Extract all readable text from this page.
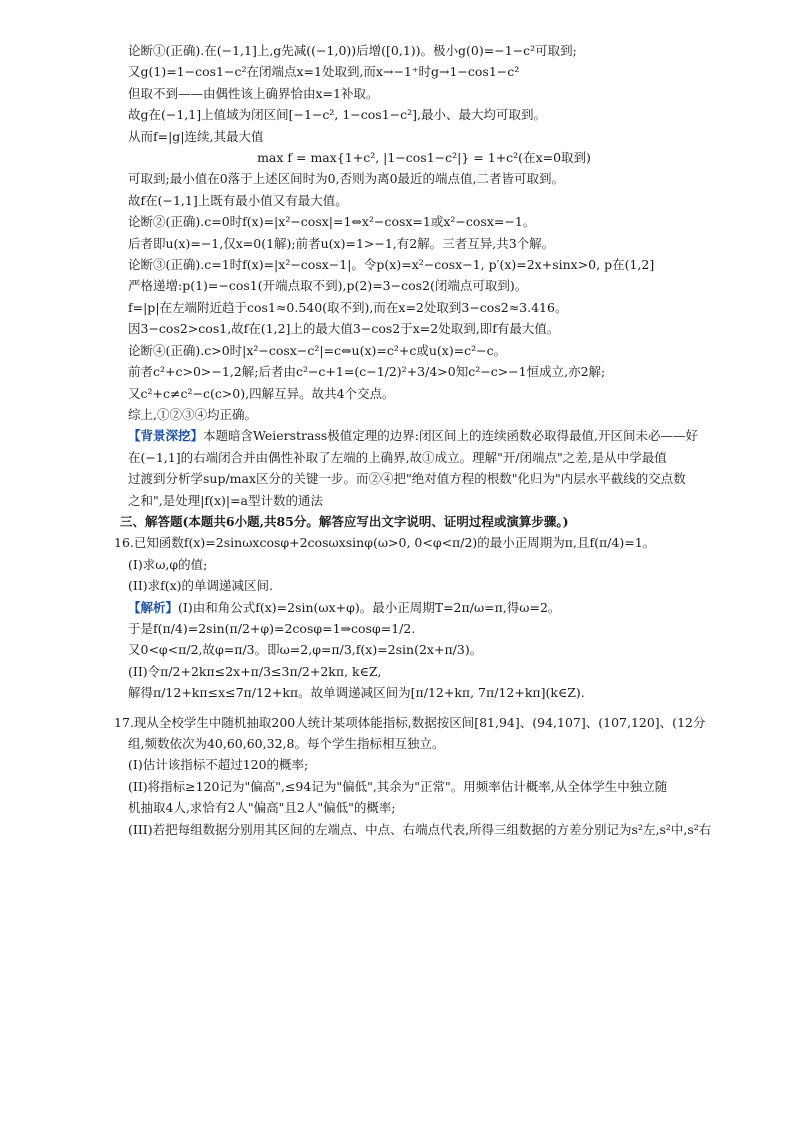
论断①(正确).在(−1,1]上,g先减((−1,0))后增([0,1))。极小g(0)=−1−c²可取到;
又g(1)=1−cos1−c²在闭端点x=1处取到,而x→−1⁺时g→1−cos1−c²
但取不到——由偶性该上确界恰由x=1补取。
故g在(−1,1]上值域为闭区间[−1−c², 1−cos1−c²],最小、最大均可取到。
从而f=|g|连续,其最大值
max f = max{1+c², |1−cos1−c²|} = 1+c²(在x=0取到)
可取到;最小值在0落于上述区间时为0,否则为离0最近的端点值,二者皆可取到。
故f在(−1,1]上既有最小值又有最大值。
论断②(正确).c=0时f(x)=|x²−cosx|=1⇔x²−cosx=1或x²−cosx=−1。
后者即u(x)=−1,仅x=0(1解);前者u(x)=1>−1,有2解。三者互异,共3个解。
论断③(正确).c=1时f(x)=|x²−cosx−1|。令p(x)=x²−cosx−1, p′(x)=2x+sinx>0, p在(1,2]
严格递增:p(1)=−cos1(开端点取不到),p(2)=3−cos2(闭端点可取到)。
f=|p|在左端附近趋于cos1≈0.540(取不到),而在x=2处取到3−cos2≈3.416。
因3−cos2>cos1,故f在(1,2]上的最大值3−cos2于x=2处取到,即f有最大值。
论断④(正确).c>0时|x²−cosx−c²|=c⇔u(x)=c²+c或u(x)=c²−c。
前者c²+c>0>−1,2解;后者由c²−c+1=(c−1/2)²+3/4>0知c²−c>−1恒成立,亦2解;
又c²+c≠c²−c(c>0),四解互异。故共4个交点。
综上,①②③④均正确。
【背景深挖】本题暗含Weierstrass极值定理的边界:闭区间上的连续函数必取得最值,开区间未必——好
在(−1,1]的右端闭合并由偶性补取了左端的上确界,故①成立。理解"开/闭端点"之差,是从中学最值
过渡到分析学sup/max区分的关键一步。而②④把"绝对值方程的根数"化归为"内层水平截线的交点数
之和",是处理|f(x)|=a型计数的通法
三、解答题(本题共6小题,共85分。解答应写出文字说明、证明过程或演算步骤。)
16.已知函数f(x)=2sinωxcosφ+2cosωxsinφ(ω>0, 0<φ<π/2)的最小正周期为π,且f(π/4)=1。
(I)求ω,φ的值;
(II)求f(x)的单调递减区间.
【解析】(I)由和角公式f(x)=2sin(ωx+φ)。最小正周期T=2π/ω=π,得ω=2。
于是f(π/4)=2sin(π/2+φ)=2cosφ=1⇒cosφ=1/2.
又0<φ<π/2,故φ=π/3。即ω=2,φ=π/3,f(x)=2sin(2x+π/3)。
(II)令π/2+2kπ≤2x+π/3≤3π/2+2kπ, k∈Z,
解得π/12+kπ≤x≤7π/12+kπ。故单调递减区间为[π/12+kπ, 7π/12+kπ](k∈Z).
17.现从全校学生中随机抽取200人统计某项体能指标,数据按区间[81,94]、(94,107]、(107,120]、(12分
组,频数依次为40,60,60,32,8。每个学生指标相互独立。
(I)估计该指标不超过120的概率;
(II)将指标≥120记为"偏高",≤94记为"偏低",其余为"正常"。用频率估计概率,从全体学生中独立随
机抽取4人,求恰有2人"偏高"且2人"偏低"的概率;
(III)若把每组数据分别用其区间的左端点、中点、右端点代表,所得三组数据的方差分别记为s²左,s²中,s²右
